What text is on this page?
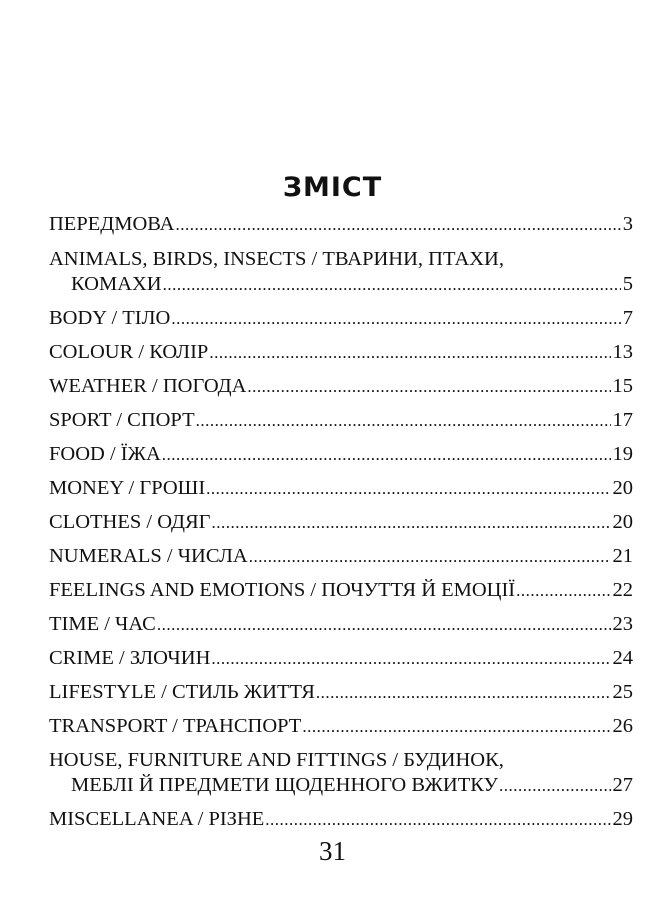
ЗМІСТ
ПЕРЕДМОВА .....	3
ANIMALS, BIRDS, INSECTS / ТВАРИНИ, ПТАХИ,
КОМАХИ .....	5
BODY / ТІЛО .....	7
COLOUR / КОЛІР .....	13
WEATHER / ПОГОДА .....	15
SPORT / СПОРТ .....	17
FOOD / ЇЖА .....	19
MONEY / ГРОШІ .....	20
CLOTHES / ОДЯГ .....	20
NUMERALS / ЧИСЛА .....	21
FEELINGS AND EMOTIONS / ПОЧУТТЯ Й ЕМОЦІЇ .....	22
TIME / ЧАС .....	23
CRIME / ЗЛОЧИН .....	24
LIFESTYLE / СТИЛЬ ЖИТТЯ .....	25
TRANSPORT / ТРАНСПОРТ .....	26
HOUSE, FURNITURE AND FITTINGS / БУДИНОК,
МЕБЛІ Й ПРЕДМЕТИ ЩОДЕННОГО ВЖИТКУ .....	27
MISCELLANEA / РІЗНЕ .....	29
31
